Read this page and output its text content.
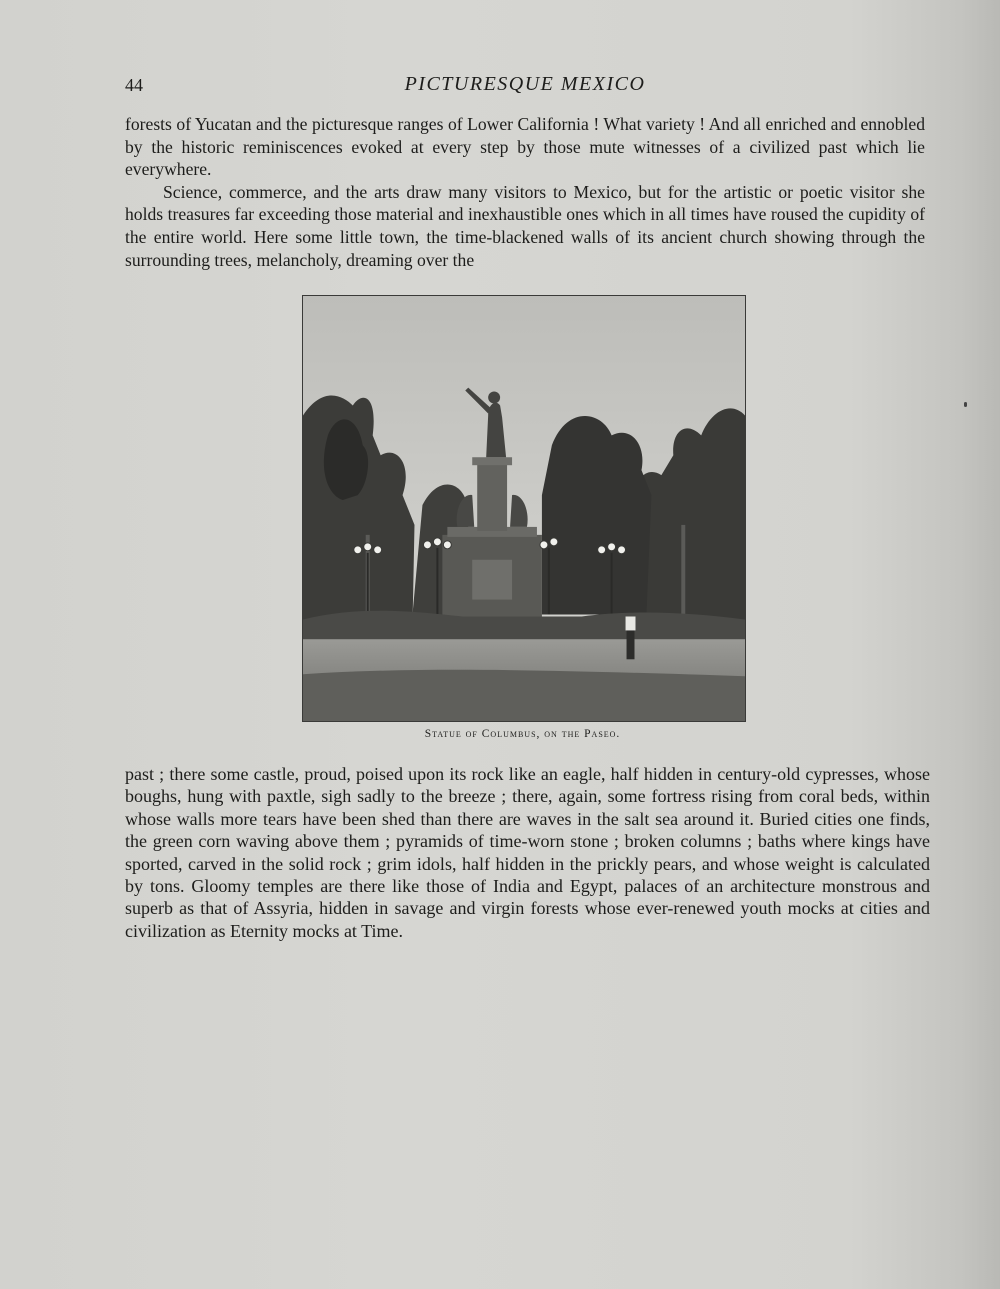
44	PICTURESQUE MEXICO

forests of Yucatan and the picturesque ranges of Lower California ! What variety ! And all enriched and ennobled by the historic reminiscences evoked at every step by those mute witnesses of a civilized past which lie everywhere.

Science, commerce, and the arts draw many visitors to Mexico, but for the artistic or poetic visitor she holds treasures far exceeding those material and inexhaustible ones which in all times have roused the cupidity of the entire world. Here some little town, the time-blackened walls of its ancient church showing through the surrounding trees, melancholy, dreaming over the

Statue of Columbus, on the Paseo.

past ; there some castle, proud, poised upon its rock like an eagle, half hidden in century-old cypresses, whose boughs, hung with paxtle, sigh sadly to the breeze ; there, again, some fortress rising from coral beds, within whose walls more tears have been shed than there are waves in the salt sea around it. Buried cities one finds, the green corn waving above them ; pyramids of time-worn stone ; broken columns ; baths where kings have sported, carved in the solid rock ; grim idols, half hidden in the prickly pears, and whose weight is calculated by tons. Gloomy temples are there like those of India and Egypt, palaces of an architecture monstrous and superb as that of Assyria, hidden in savage and virgin forests whose ever-renewed youth mocks at cities and civilization as Eternity mocks at Time.
